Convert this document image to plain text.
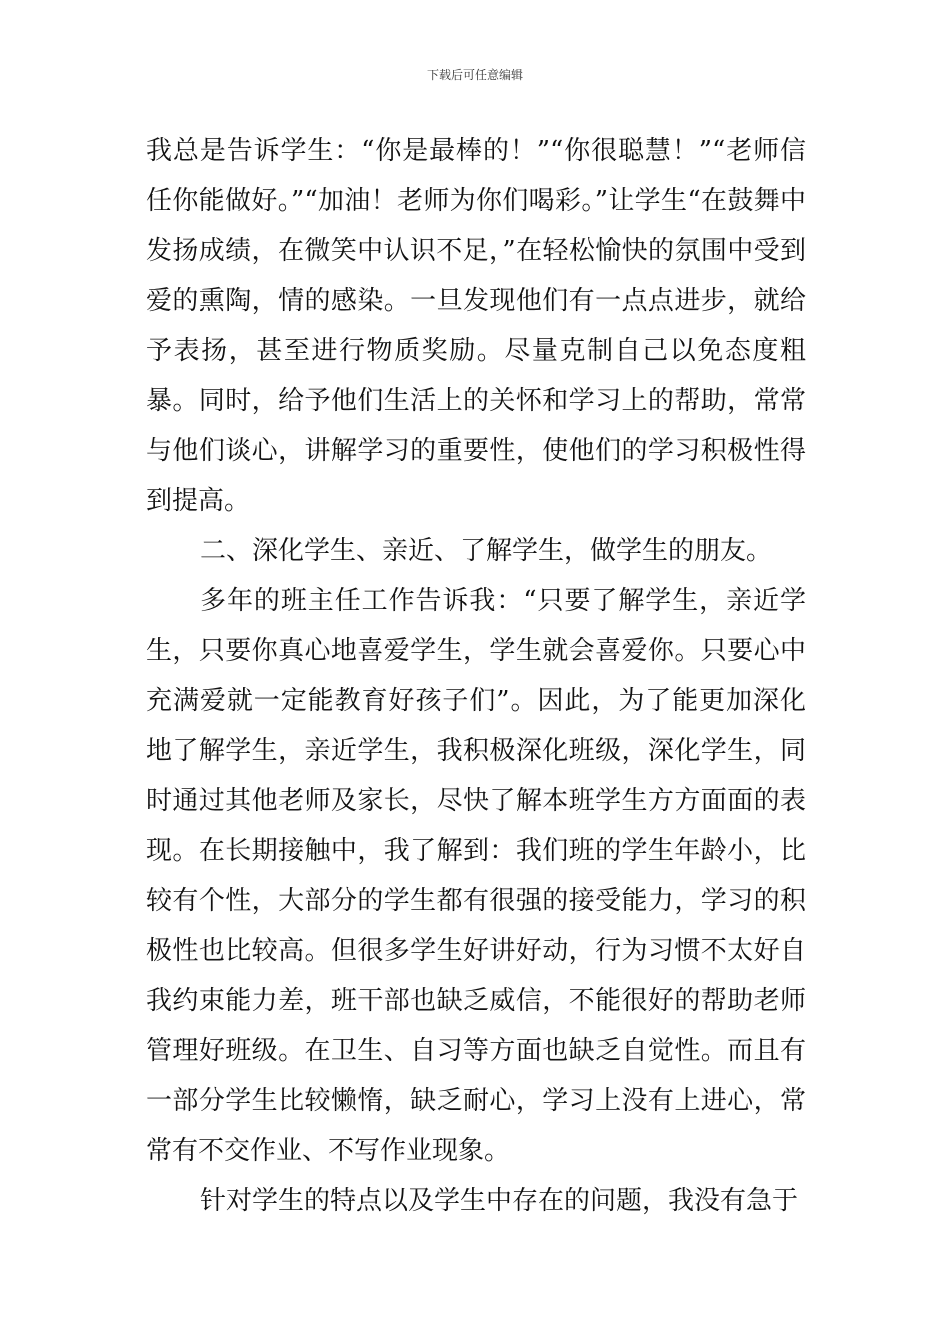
下载后可任意编辑

我总是告诉学生：“你是最棒的！”“你很聪慧！”“老师信任你能做好。”“加油！老师为你们喝彩。”让学生“在鼓舞中发扬成绩，在微笑中认识不足，”在轻松愉快的氛围中受到爱的熏陶，情的感染。一旦发现他们有一点点进步，就给予表扬，甚至进行物质奖励。尽量克制自己以免态度粗暴。同时，给予他们生活上的关怀和学习上的帮助，常常与他们谈心，讲解学习的重要性，使他们的学习积极性得到提高。

二、深化学生、亲近、了解学生，做学生的朋友。

多年的班主任工作告诉我：“只要了解学生，亲近学生，只要你真心地喜爱学生，学生就会喜爱你。只要心中充满爱就一定能教育好孩子们”。因此，为了能更加深化地了解学生，亲近学生，我积极深化班级，深化学生，同时通过其他老师及家长，尽快了解本班学生方方面面的表现。在长期接触中，我了解到：我们班的学生年龄小，比较有个性，大部分的学生都有很强的接受能力，学习的积极性也比较高。但很多学生好讲好动，行为习惯不太好自我约束能力差，班干部也缺乏威信，不能很好的帮助老师管理好班级。在卫生、自习等方面也缺乏自觉性。而且有一部分学生比较懒惰，缺乏耐心，学习上没有上进心，常常有不交作业、不写作业现象。

针对学生的特点以及学生中存在的问题，我没有急于
